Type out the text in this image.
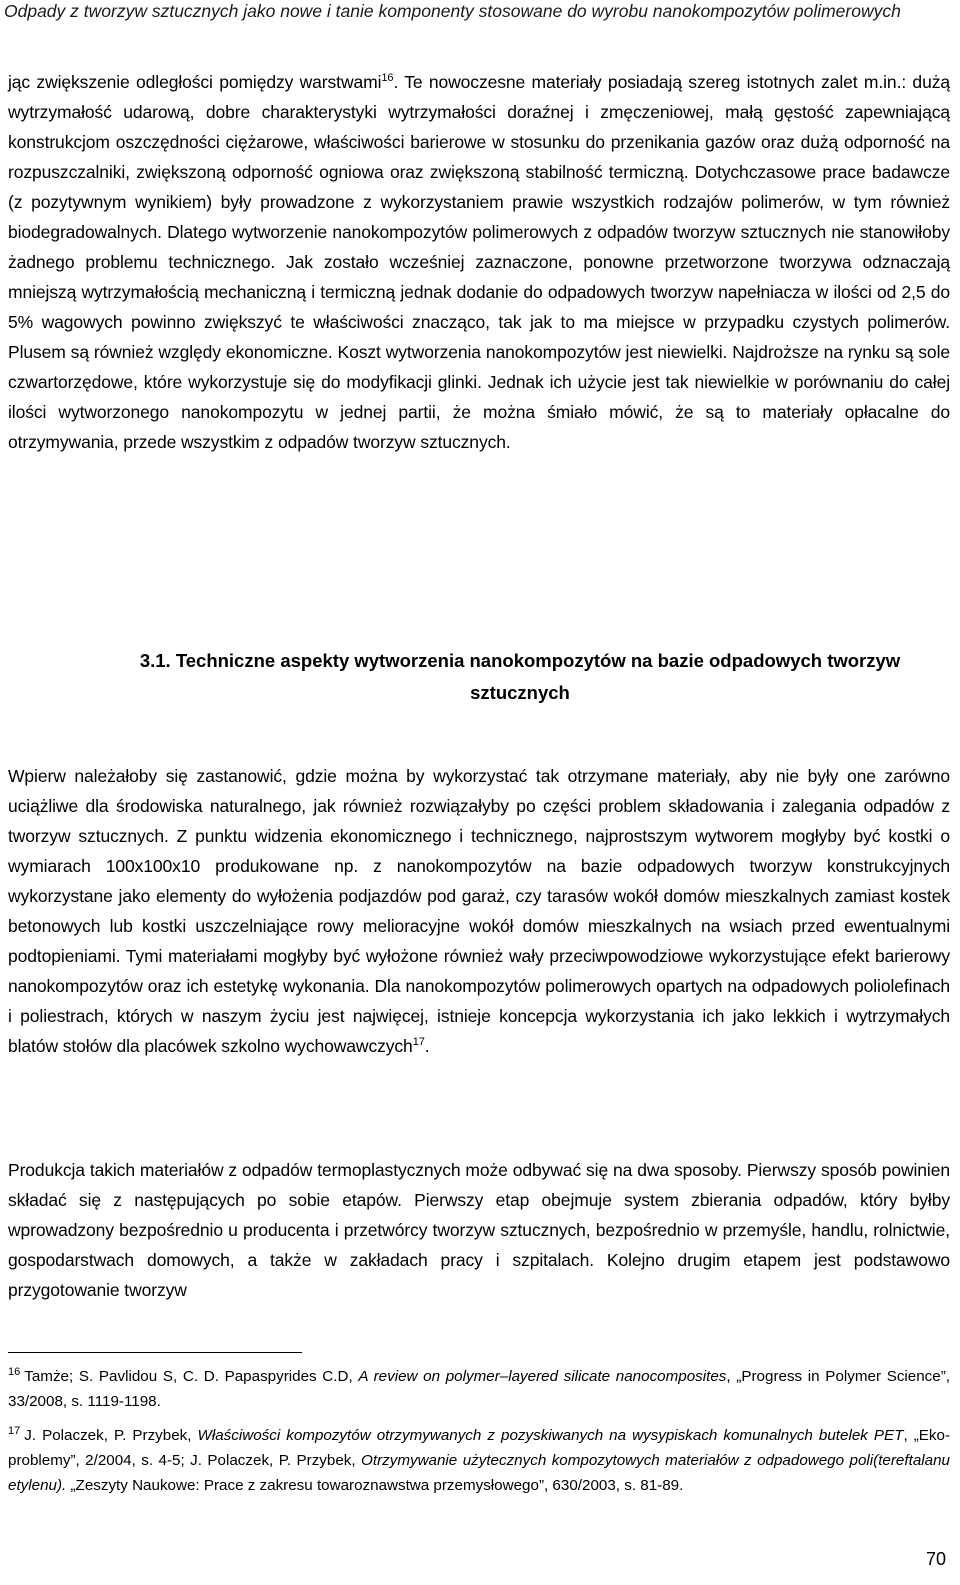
Odpady z tworzyw sztucznych jako nowe i tanie komponenty stosowane do wyrobu nanokompozytów polimerowych

jąc zwiększenie odległości pomiędzy warstwami$^{16}$. Te nowoczesne materiały posiadają szereg istotnych zalet m.in.: dużą wytrzymałość udarową, dobre charakterystyki wytrzymałości doraźnej i zmęczeniowej, małą gęstość zapewniającą konstrukcjom oszczędności ciężarowe, właściwości barierowe w stosunku do przenikania gazów oraz dużą odporność na rozpuszczalniki, zwiększoną odporność ogniowa oraz zwiększoną stabilność termiczną. Dotychczasowe prace badawcze (z pozytywnym wynikiem) były prowadzone z wykorzystaniem prawie wszystkich rodzajów polimerów, w tym również biodegradowalnych. Dlatego wytworzenie nanokompozytów polimerowych z odpadów tworzyw sztucznych nie stanowiłoby żadnego problemu technicznego. Jak zostało wcześniej zaznaczone, ponowne przetworzone tworzywa odznaczają mniejszą wytrzymałością mechaniczną i termiczną jednak dodanie do odpadowych tworzyw napełniacza w ilości od 2,5 do 5% wagowych powinno zwiększyć te właściwości znacząco, tak jak to ma miejsce w przypadku czystych polimerów. Plusem są również względy ekonomiczne. Koszt wytworzenia nanokompozytów jest niewielki. Najdroższe na rynku są sole czwartorzędowe, które wykorzystuje się do modyfikacji glinki. Jednak ich użycie jest tak niewielkie w porównaniu do całej ilości wytworzonego nanokompozytu w jednej partii, że można śmiało mówić, że są to materiały opłacalne do otrzymywania, przede wszystkim z odpadów tworzyw sztucznych.

3.1. Techniczne aspekty wytworzenia nanokompozytów na bazie odpadowych tworzyw sztucznych

Wpierw należałoby się zastanowić, gdzie można by wykorzystać tak otrzymane materiały, aby nie były one zarówno uciążliwe dla środowiska naturalnego, jak również rozwiązałyby po części problem składowania i zalegania odpadów z tworzyw sztucznych. Z punktu widzenia ekonomicznego i technicznego, najprostszym wytworem mogłyby być kostki o wymiarach 100x100x10 produkowane np. z nanokompozytów na bazie odpadowych tworzyw konstrukcyjnych wykorzystane jako elementy do wyłożenia podjazdów pod garaż, czy tarasów wokół domów mieszkalnych zamiast kostek betonowych lub kostki uszczelniające rowy melioracyjne wokół domów mieszkalnych na wsiach przed ewentualnymi podtopieniami. Tymi materiałami mogłyby być wyłożone również wały przeciwpowodziowe wykorzystujące efekt barierowy nanokompozytów oraz ich estetykę wykonania. Dla nanokompozytów polimerowych opartych na odpadowych poliolefinach i poliestrach, których w naszym życiu jest najwięcej, istnieje koncepcja wykorzystania ich jako lekkich i wytrzymałych blatów stołów dla placówek szkolno wychowawczych$^{17}$.

Produkcja takich materiałów z odpadów termoplastycznych może odbywać się na dwa sposoby. Pierwszy sposób powinien składać się z następujących po sobie etapów. Pierwszy etap obejmuje system zbierania odpadów, który byłby wprowadzony bezpośrednio u producenta i przetwórcy tworzyw sztucznych, bezpośrednio w przemyśle, handlu, rolnictwie, gospodarstwach domowych, a także w zakładach pracy i szpitalach. Kolejno drugim etapem jest podstawowo przygotowanie tworzyw

$^{16}$ Tamże; S. Pavlidou S, C. D. Papaspyrides C.D, A review on polymer–layered silicate nanocomposites, „Progress in Polymer Science”, 33/2008, s. 1119-1198.

$^{17}$ J. Polaczek, P. Przybek, Właściwości kompozytów otrzymywanych z pozyskiwanych na wysypiskach komunalnych butelek PET, „Eko-problemy”, 2/2004, s. 4-5; J. Polaczek, P. Przybek, Otrzymywanie użytecznych kompozytowych materiałów z odpadowego poli(tereftalanu etylenu). „Zeszyty Naukowe: Prace z zakresu towaroznawstwa przemysłowego”, 630/2003, s. 81-89.

70
